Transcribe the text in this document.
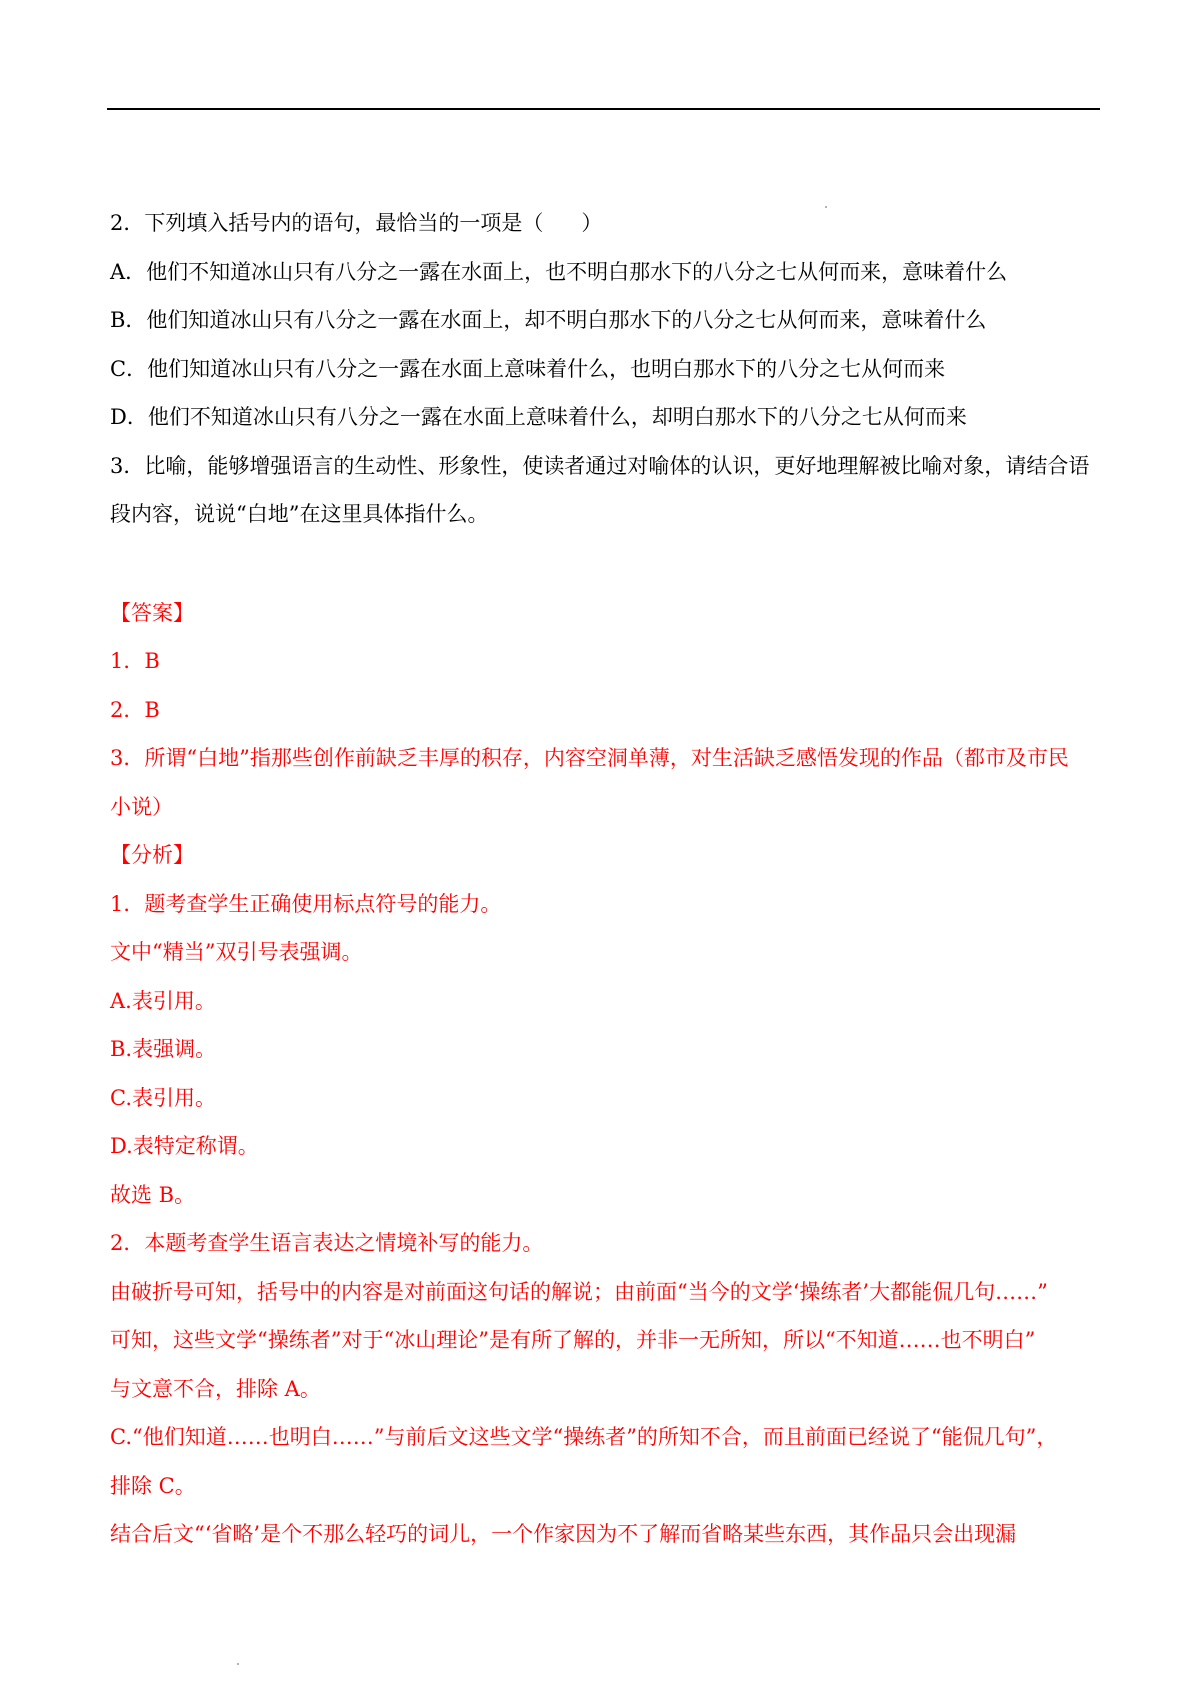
2．下列填入括号内的语句，最恰当的一项是（ ）
A．他们不知道冰山只有八分之一露在水面上，也不明白那水下的八分之七从何而来，意味着什么
B．他们知道冰山只有八分之一露在水面上，却不明白那水下的八分之七从何而来，意味着什么
C．他们知道冰山只有八分之一露在水面上意味着什么，也明白那水下的八分之七从何而来
D．他们不知道冰山只有八分之一露在水面上意味着什么，却明白那水下的八分之七从何而来
3．比喻，能够增强语言的生动性、形象性，使读者通过对喻体的认识，更好地理解被比喻对象，请结合语
段内容，说说“白地”在这里具体指什么。
【答案】
1．B
2．B
3．所谓“白地”指那些创作前缺乏丰厚的积存，内容空洞单薄，对生活缺乏感悟发现的作品（都市及市民
小说）
【分析】
1．题考查学生正确使用标点符号的能力。
文中“精当”双引号表强调。
A.表引用。
B.表强调。
C.表引用。
D.表特定称谓。
故选 B。
2．本题考查学生语言表达之情境补写的能力。
由破折号可知，括号中的内容是对前面这句话的解说；由前面“当今的文学‘操练者’大都能侃几句……”
可知，这些文学“操练者”对于“冰山理论”是有所了解的，并非一无所知，所以“不知道……也不明白”
与文意不合，排除 A。
C.“他们知道……也明白……”与前后文这些文学“操练者”的所知不合，而且前面已经说了“能侃几句”，
排除 C。
结合后文“‘省略’是个不那么轻巧的词儿，一个作家因为不了解而省略某些东西，其作品只会出现漏
